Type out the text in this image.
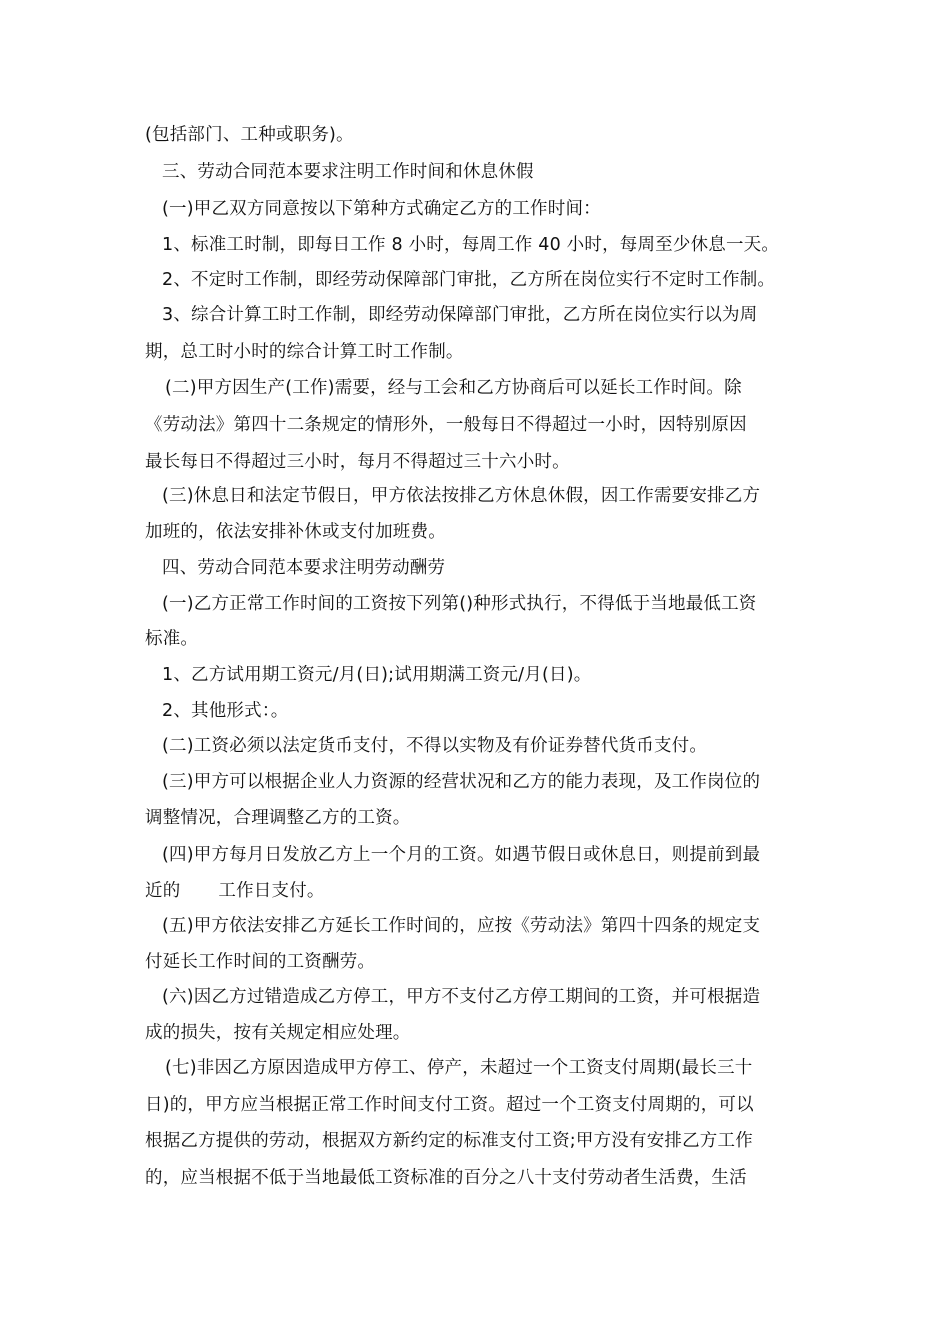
(包括部门、工种或职务)。
三、劳动合同范本要求注明工作时间和休息休假
(一)甲乙双方同意按以下第种方式确定乙方的工作时间：
1、标准工时制，即每日工作 8 小时，每周工作 40 小时，每周至少休息一天。
2、不定时工作制，即经劳动保障部门审批，乙方所在岗位实行不定时工作制。
3、综合计算工时工作制，即经劳动保障部门审批，乙方所在岗位实行以为周
期，总工时小时的综合计算工时工作制。
(二)甲方因生产(工作)需要，经与工会和乙方协商后可以延长工作时间。除
《劳动法》第四十二条规定的情形外，一般每日不得超过一小时，因特别原因
最长每日不得超过三小时，每月不得超过三十六小时。
(三)休息日和法定节假日，甲方依法按排乙方休息休假，因工作需要安排乙方
加班的，依法安排补休或支付加班费。
四、劳动合同范本要求注明劳动酬劳
(一)乙方正常工作时间的工资按下列第()种形式执行，不得低于当地最低工资
标准。
1、乙方试用期工资元/月(日);试用期满工资元/月(日)。
2、其他形式：。
(二)工资必须以法定货币支付，不得以实物及有价证券替代货币支付。
(三)甲方可以根据企业人力资源的经营状况和乙方的能力表现，及工作岗位的
调整情况，合理调整乙方的工资。
(四)甲方每月日发放乙方上一个月的工资。如遇节假日或休息日，则提前到最
近的 工作日支付。
(五)甲方依法安排乙方延长工作时间的，应按《劳动法》第四十四条的规定支
付延长工作时间的工资酬劳。
(六)因乙方过错造成乙方停工，甲方不支付乙方停工期间的工资，并可根据造
成的损失，按有关规定相应处理。
(七)非因乙方原因造成甲方停工、停产，未超过一个工资支付周期(最长三十
日)的，甲方应当根据正常工作时间支付工资。超过一个工资支付周期的，可以
根据乙方提供的劳动，根据双方新约定的标准支付工资;甲方没有安排乙方工作
的，应当根据不低于当地最低工资标准的百分之八十支付劳动者生活费，生活
